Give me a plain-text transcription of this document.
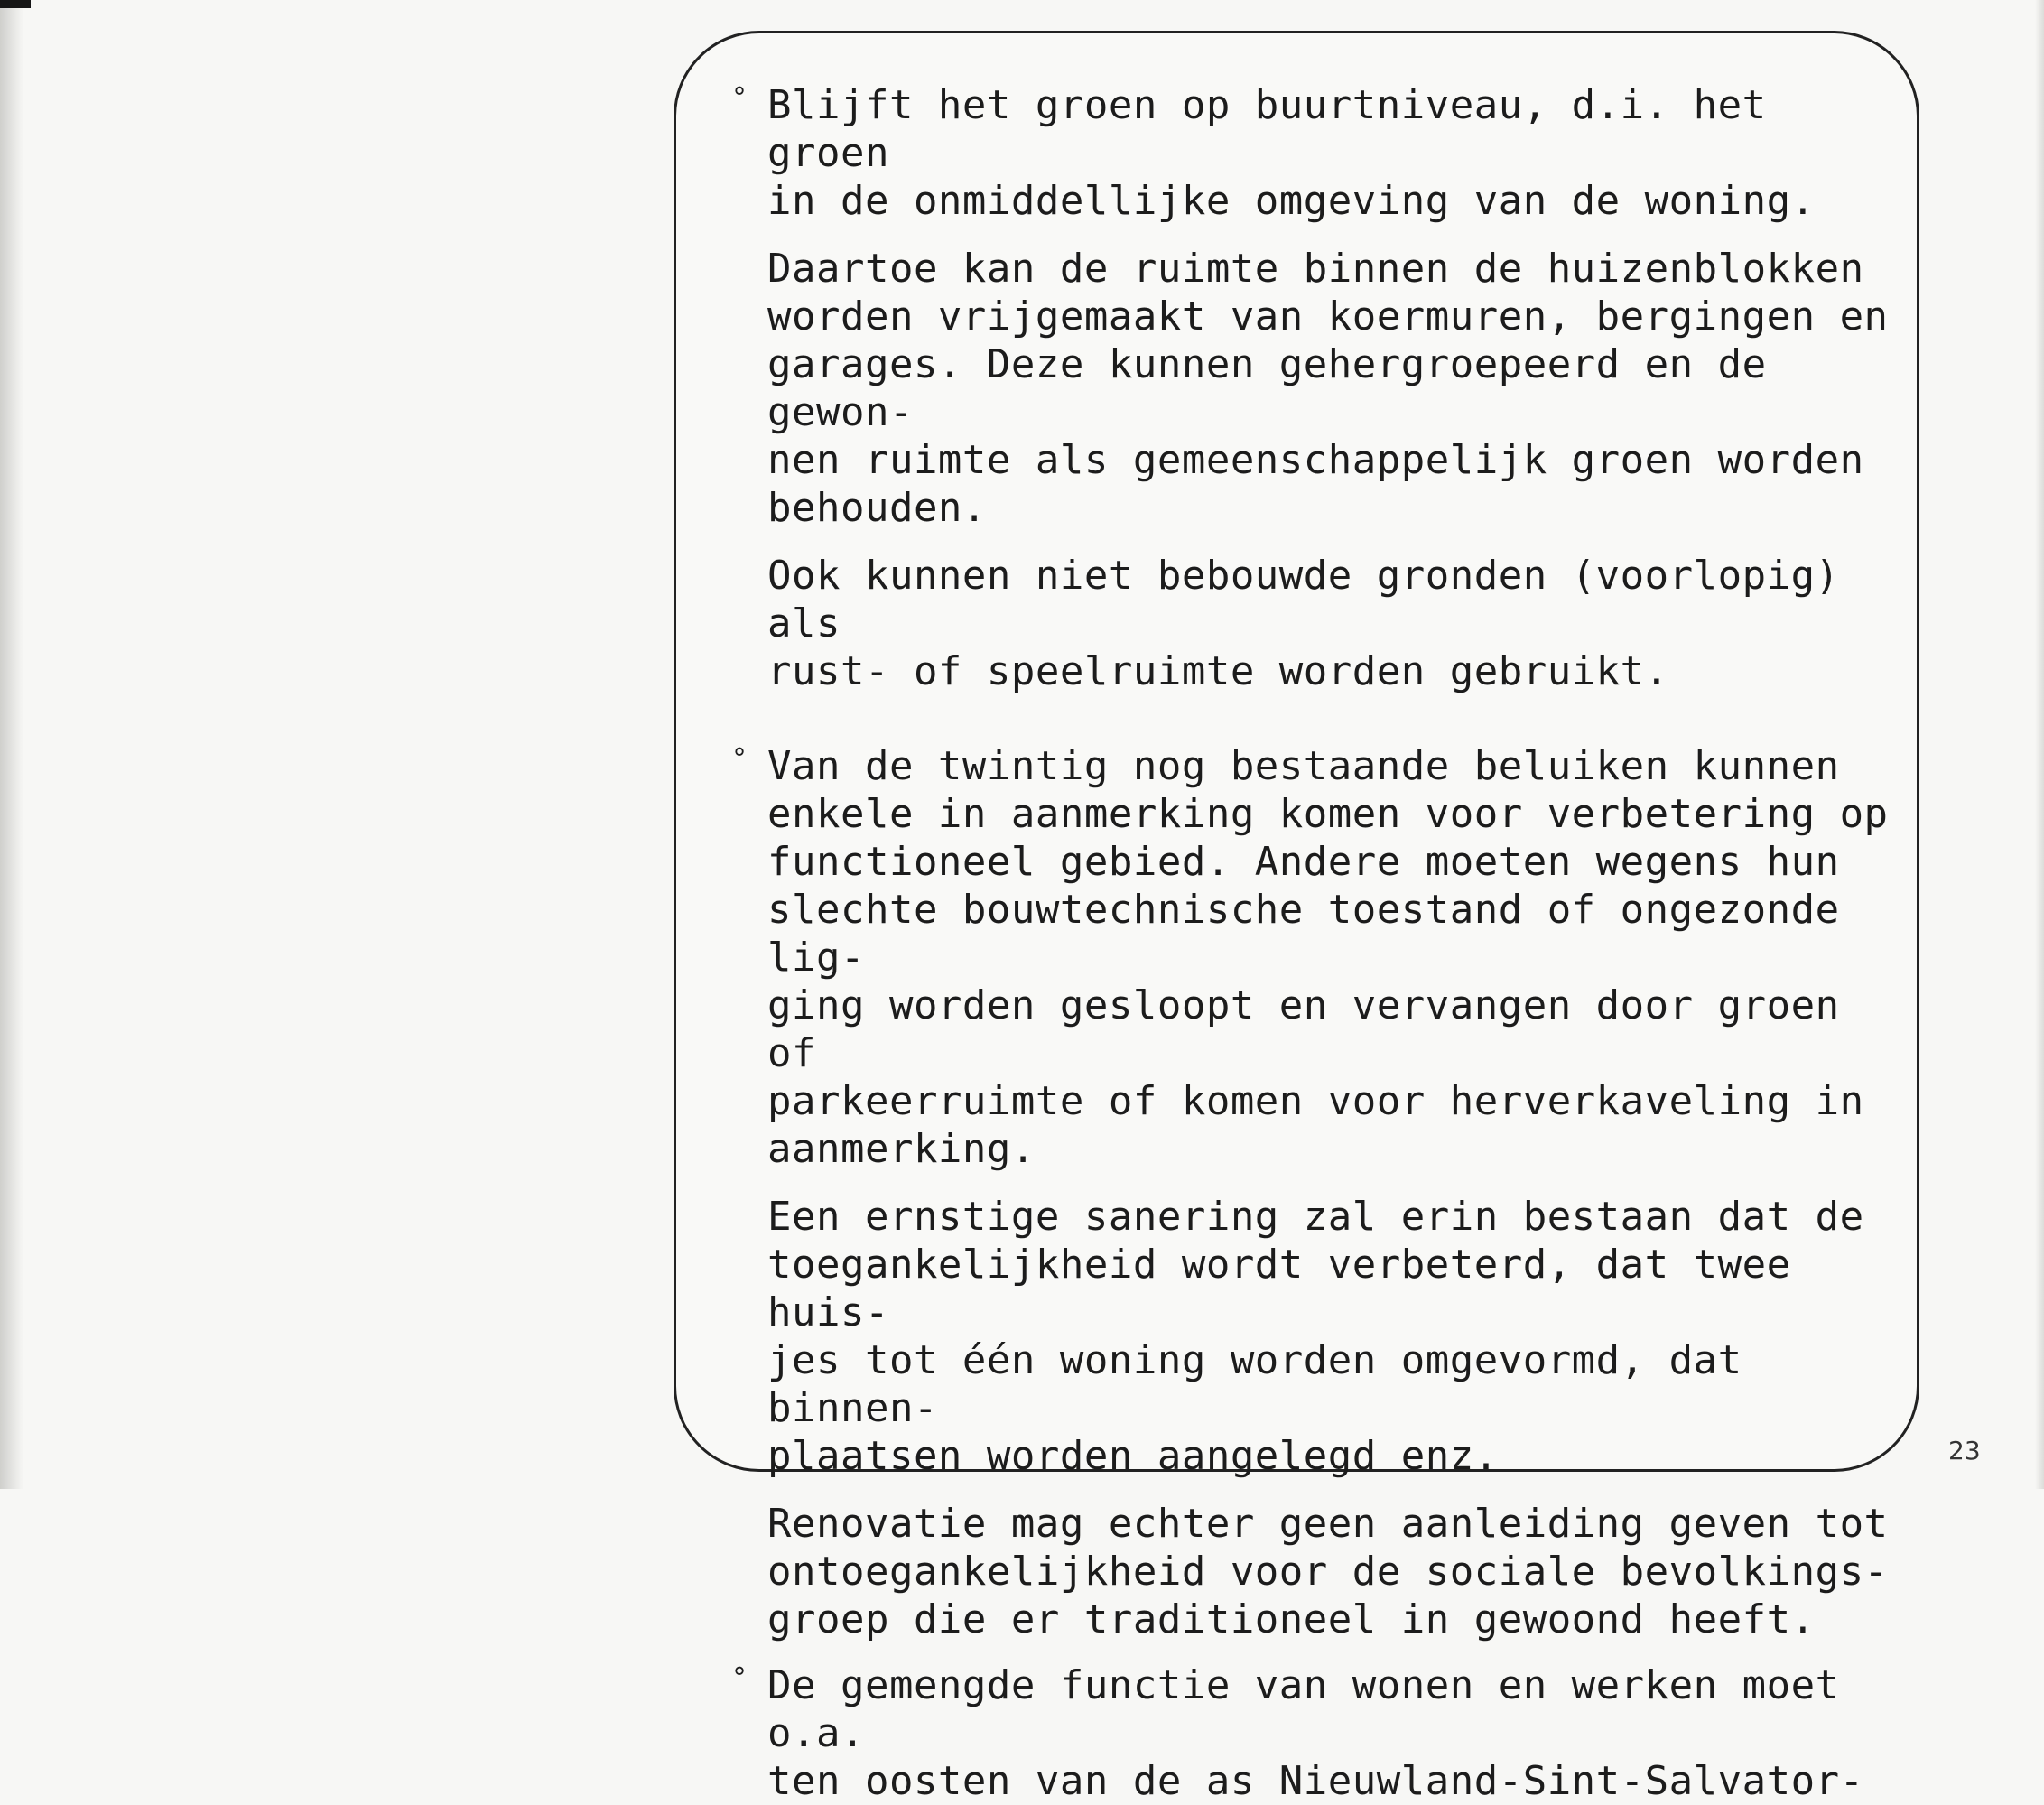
° Blijft het groen op buurtniveau, d.i. het groen
in de onmiddellijke omgeving van de woning.
Daartoe kan de ruimte binnen de huizenblokken
worden vrijgemaakt van koermuren, bergingen en
garages. Deze kunnen gehergroepeerd en de gewon-
nen ruimte als gemeenschappelijk groen worden
behouden.
Ook kunnen niet bebouwde gronden (voorlopig) als
rust- of speelruimte worden gebruikt.
° Van de twintig nog bestaande beluiken kunnen
enkele in aanmerking komen voor verbetering op
functioneel gebied. Andere moeten wegens hun
slechte bouwtechnische toestand of ongezonde lig-
ging worden gesloopt en vervangen door groen of
parkeerruimte of komen voor herverkaveling in
aanmerking.
Een ernstige sanering zal erin bestaan dat de
toegankelijkheid wordt verbeterd, dat twee huis-
jes tot één woning worden omgevormd, dat binnen-
plaatsen worden aangelegd enz.
Renovatie mag echter geen aanleiding geven tot
ontoegankelijkheid voor de sociale bevolkings-
groep die er traditioneel in gewoond heeft.
° De gemengde functie van wonen en werken moet o.a.
ten oosten van de as Nieuwland-Sint-Salvator-
23
